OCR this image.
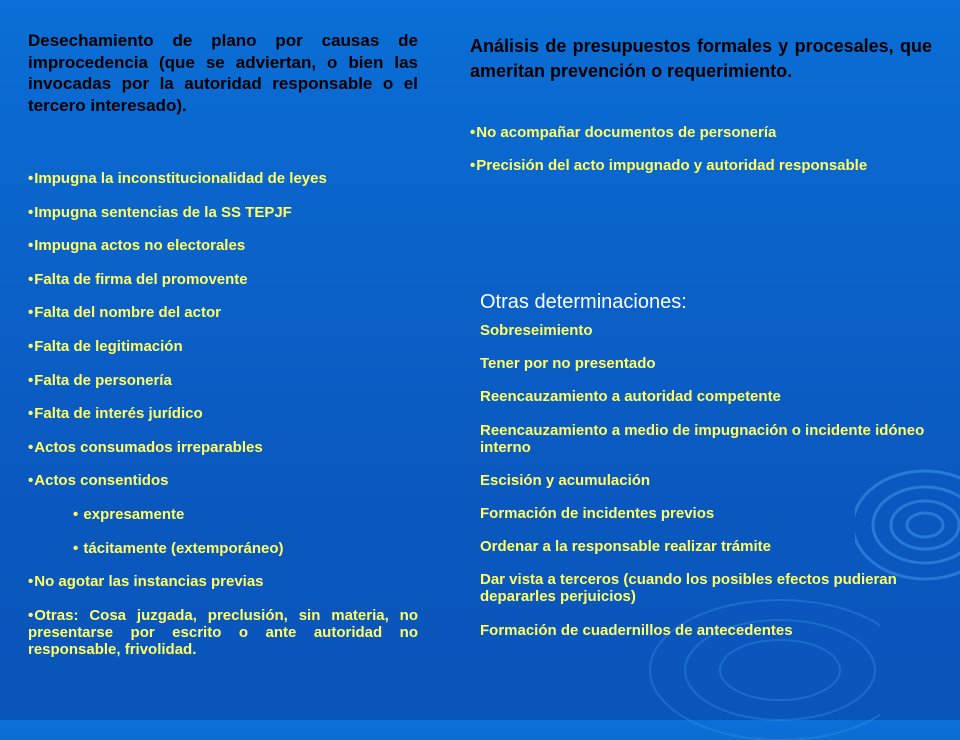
Desechamiento de plano por causas de improcedencia (que se adviertan, o bien las invocadas por la autoridad responsable o el tercero interesado).

•Impugna la inconstitucionalidad de leyes
•Impugna sentencias de la SS TEPJF
•Impugna actos no electorales
•Falta de firma del promovente
•Falta del nombre del actor
•Falta de legitimación
•Falta de personería
•Falta de interés jurídico
•Actos consumados irreparables
•Actos consentidos
• expresamente
• tácitamente (extemporáneo)
•No agotar las instancias previas
•Otras: Cosa juzgada, preclusión, sin materia, no presentarse por escrito o ante autoridad no responsable, frivolidad.

Análisis de presupuestos formales y procesales, que ameritan prevención o requerimiento.

•No acompañar documentos de personería
•Precisión del acto impugnado y autoridad responsable

Otras determinaciones:

Sobreseimiento
Tener por no presentado
Reencauzamiento a autoridad competente
Reencauzamiento a medio de impugnación o incidente idóneo interno
Escisión y acumulación
Formación de incidentes previos
Ordenar a la responsable realizar trámite
Dar vista a terceros (cuando los posibles efectos pudieran depararles perjuicios)
Formación de cuadernillos de antecedentes
